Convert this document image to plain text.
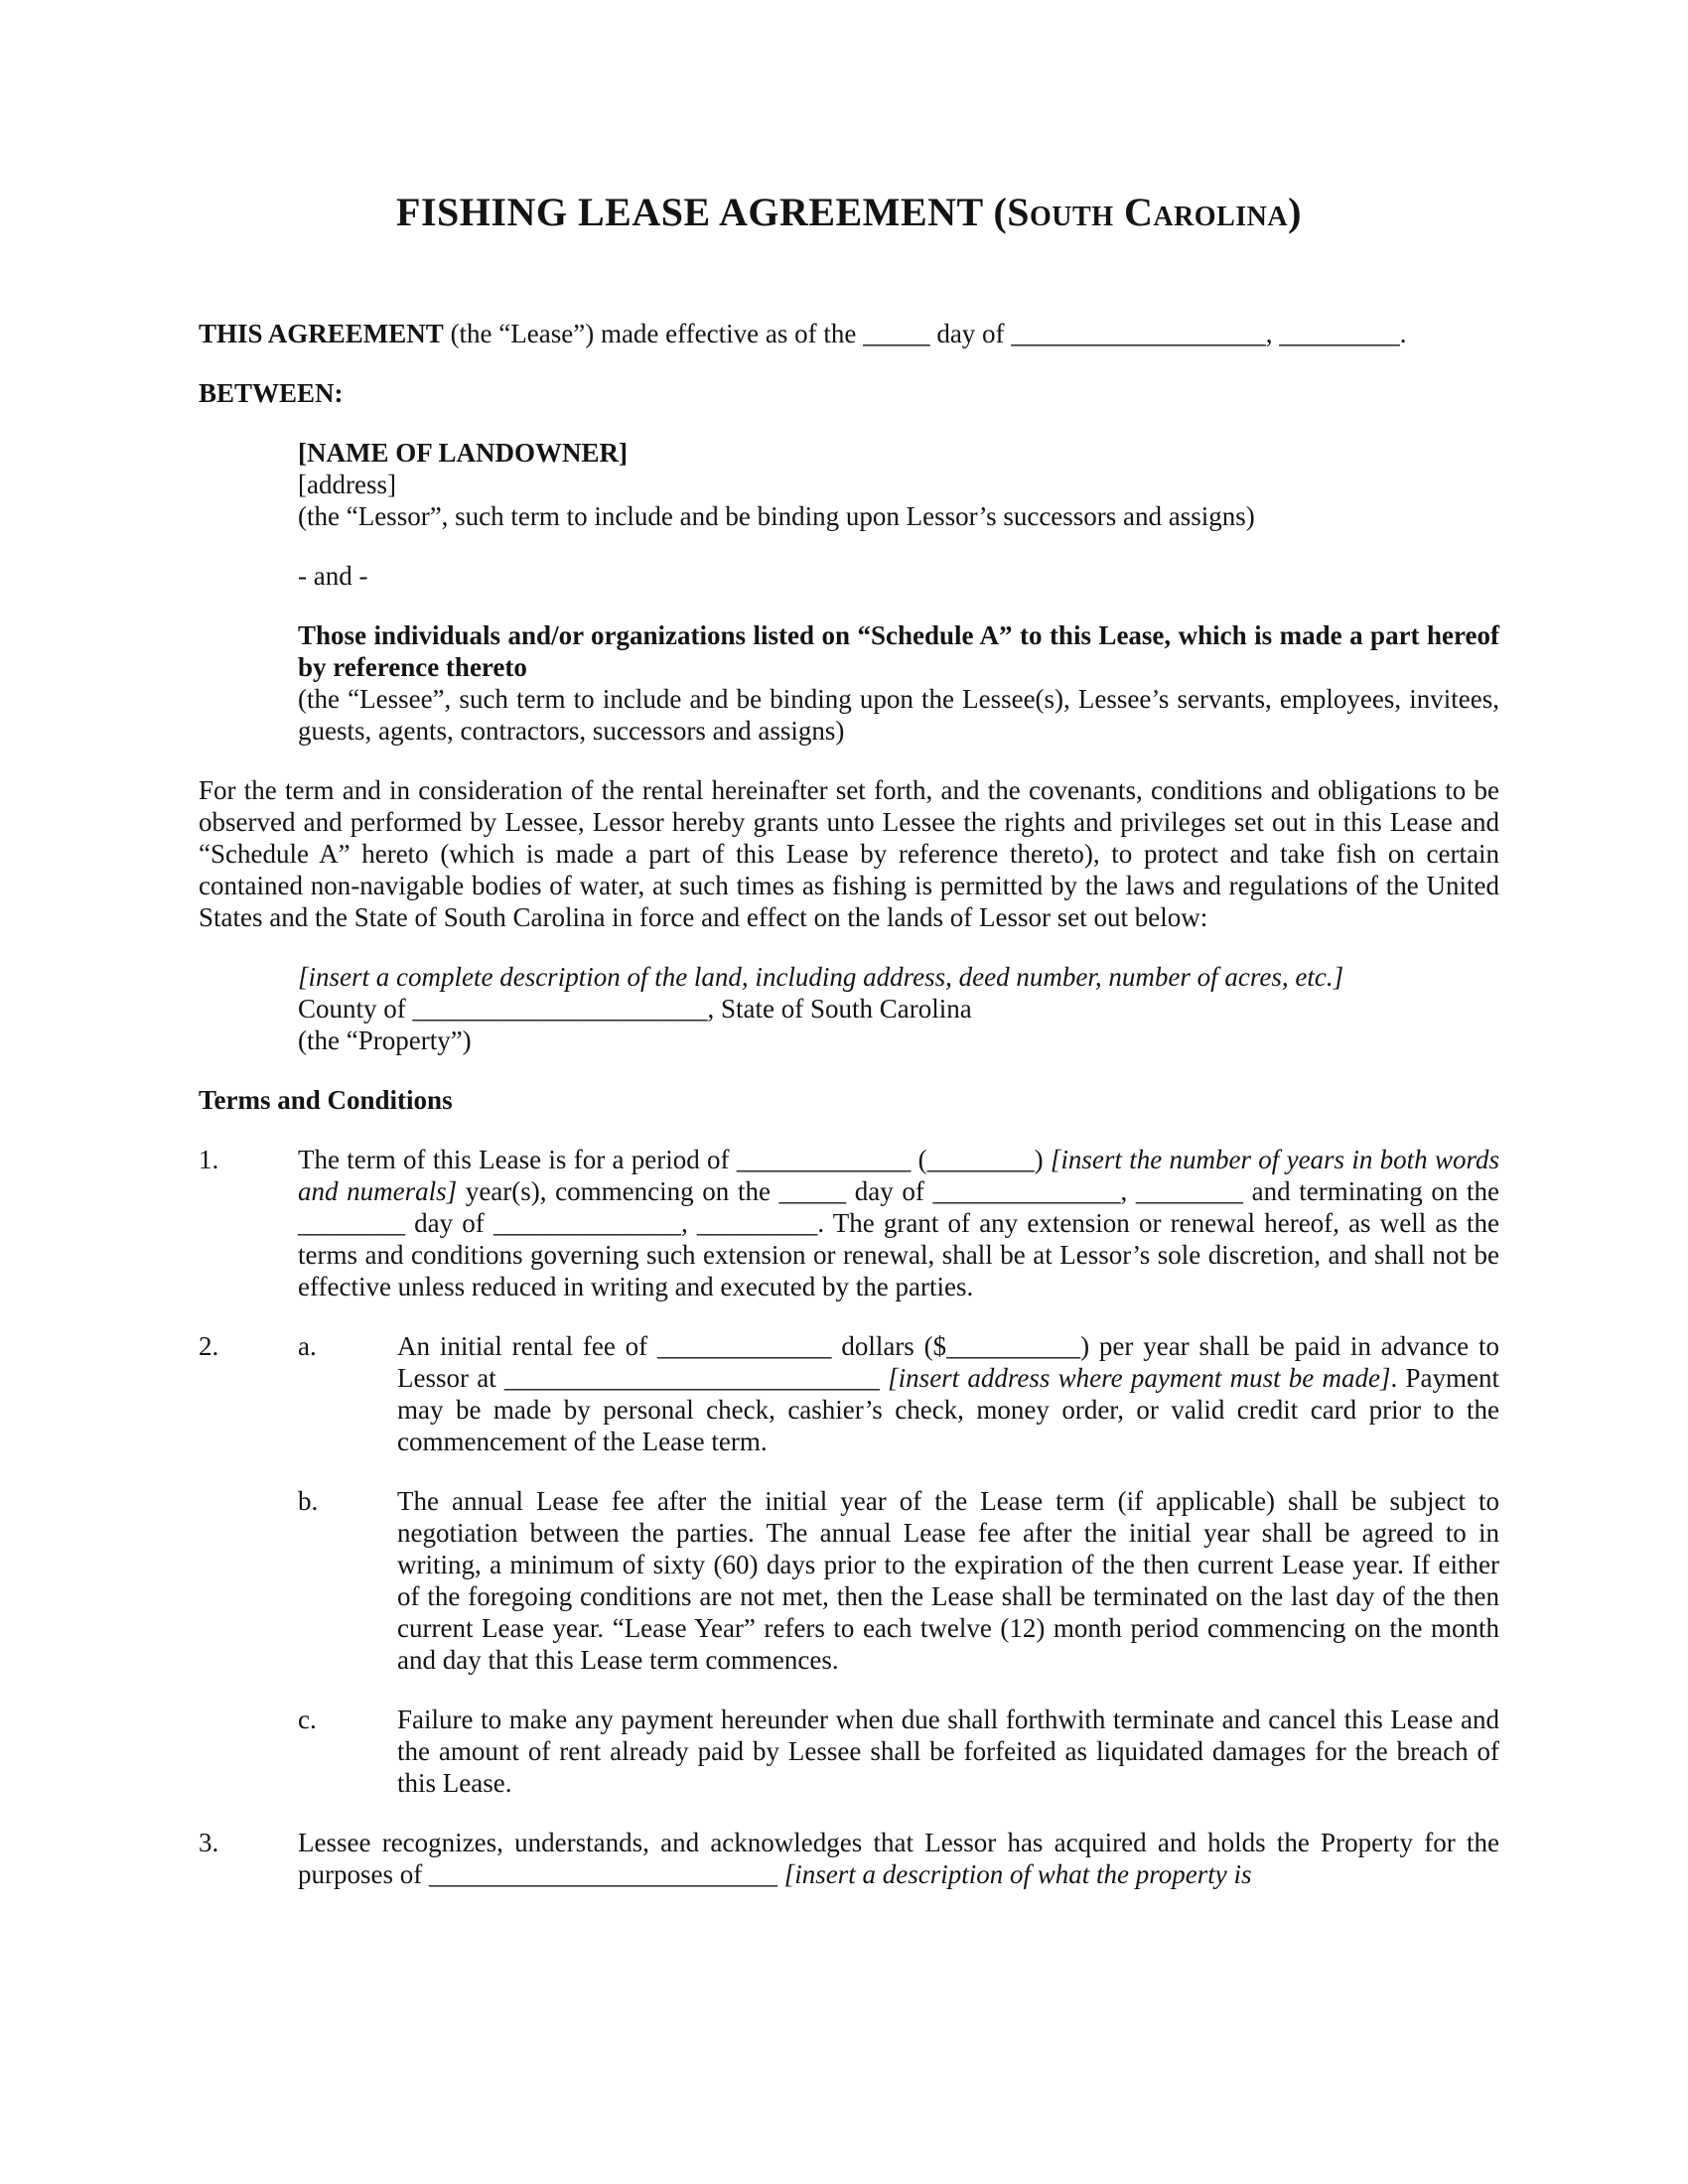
FISHING LEASE AGREEMENT (South Carolina)

THIS AGREEMENT (the “Lease”) made effective as of the _____ day of ___________________, _________.

BETWEEN:

[NAME OF LANDOWNER]
[address]
(the “Lessor”, such term to include and be binding upon Lessor’s successors and assigns)

- and -

Those individuals and/or organizations listed on “Schedule A” to this Lease, which is made a part hereof by reference thereto
(the “Lessee”, such term to include and be binding upon the Lessee(s), Lessee’s servants, employees, invitees, guests, agents, contractors, successors and assigns)

For the term and in consideration of the rental hereinafter set forth, and the covenants, conditions and obligations to be observed and performed by Lessee, Lessor hereby grants unto Lessee the rights and privileges set out in this Lease and “Schedule A” hereto (which is made a part of this Lease by reference thereto), to protect and take fish on certain contained non-navigable bodies of water, at such times as fishing is permitted by the laws and regulations of the United States and the State of South Carolina in force and effect on the lands of Lessor set out below:

[insert a complete description of the land, including address, deed number, number of acres, etc.]
County of ______________________, State of South Carolina
(the “Property”)

Terms and Conditions

1.	The term of this Lease is for a period of _____________ (________) [insert the number of years in both words and numerals] year(s), commencing on the _____ day of ______________, ________ and terminating on the ________ day of ______________, _________. The grant of any extension or renewal hereof, as well as the terms and conditions governing such extension or renewal, shall be at Lessor’s sole discretion, and shall not be effective unless reduced in writing and executed by the parties.
2.	a.	An initial rental fee of _____________ dollars ($__________) per year shall be paid in advance to Lessor at ____________________________ [insert address where payment must be made]. Payment may be made by personal check, cashier’s check, money order, or valid credit card prior to the commencement of the Lease term.
b.	The annual Lease fee after the initial year of the Lease term (if applicable) shall be subject to negotiation between the parties. The annual Lease fee after the initial year shall be agreed to in writing, a minimum of sixty (60) days prior to the expiration of the then current Lease year. If either of the foregoing conditions are not met, then the Lease shall be terminated on the last day of the then current Lease year. “Lease Year” refers to each twelve (12) month period commencing on the month and day that this Lease term commences.
c.	Failure to make any payment hereunder when due shall forthwith terminate and cancel this Lease and the amount of rent already paid by Lessee shall be forfeited as liquidated damages for the breach of this Lease.
3.	Lessee recognizes, understands, and acknowledges that Lessor has acquired and holds the Property for the purposes of __________________________ [insert a description of what the property is
